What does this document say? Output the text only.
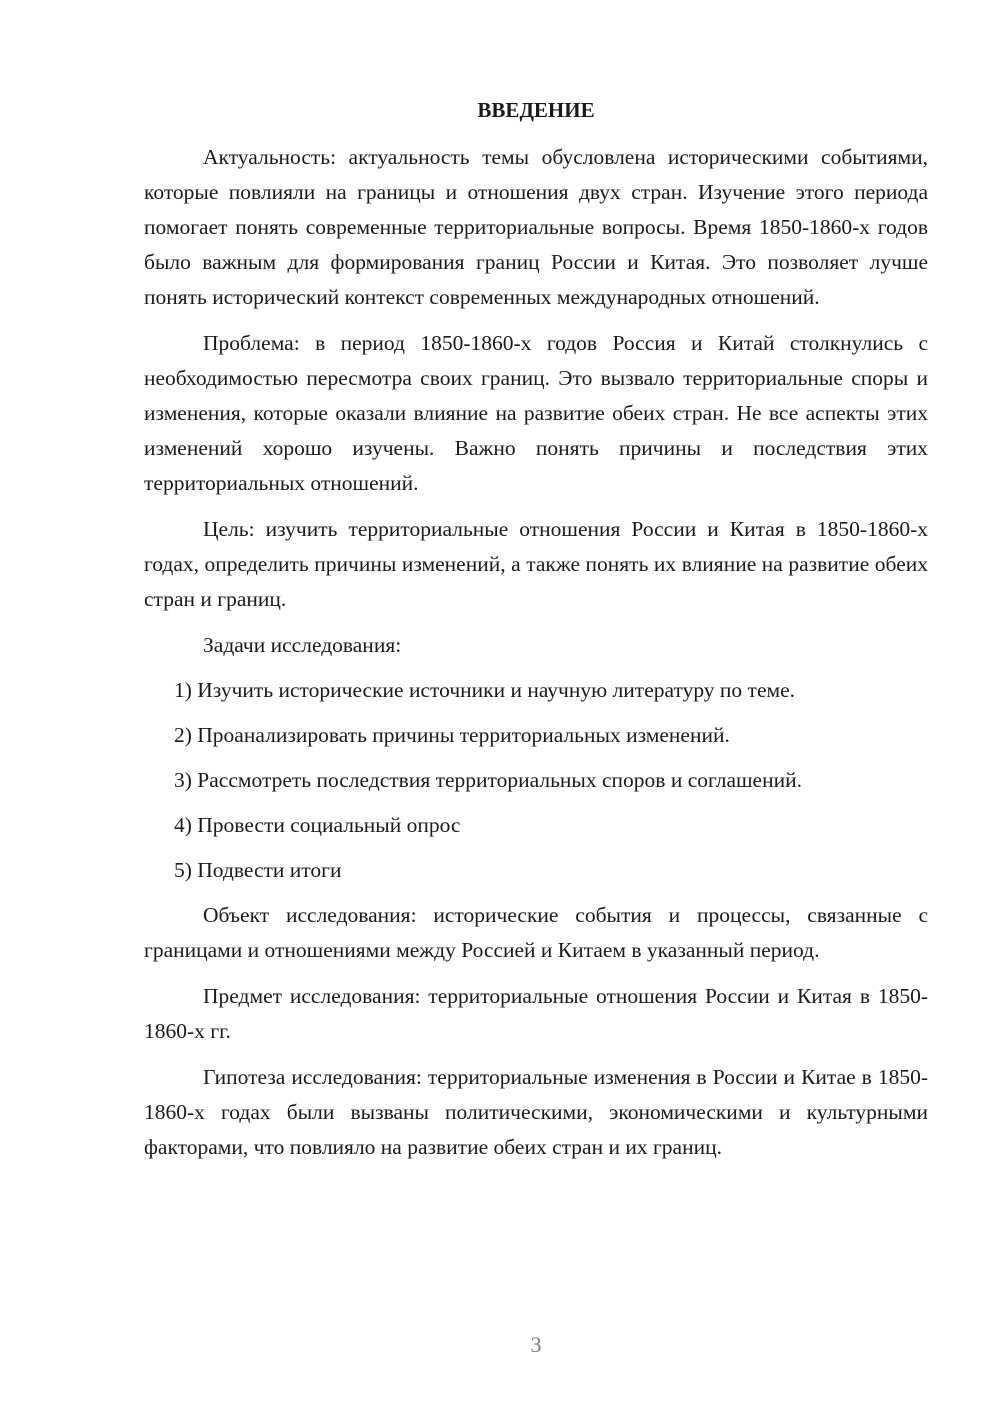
ВВЕДЕНИЕ

Актуальность: актуальность темы обусловлена историческими событиями, которые повлияли на границы и отношения двух стран. Изучение этого периода помогает понять современные территориальные вопросы. Время 1850-1860-х годов было важным для формирования границ России и Китая. Это позволяет лучше понять исторический контекст современных международных отношений.

Проблема: в период 1850-1860-х годов Россия и Китай столкнулись с необходимостью пересмотра своих границ. Это вызвало территориальные споры и изменения, которые оказали влияние на развитие обеих стран. Не все аспекты этих изменений хорошо изучены. Важно понять причины и последствия этих территориальных отношений.

Цель: изучить территориальные отношения России и Китая в 1850-1860-х годах, определить причины изменений, а также понять их влияние на развитие обеих стран и границ.

Задачи исследования:
1) Изучить исторические источники и научную литературу по теме.
2) Проанализировать причины территориальных изменений.
3) Рассмотреть последствия территориальных споров и соглашений.
4) Провести социальный опрос
5) Подвести итоги

Объект исследования: исторические события и процессы, связанные с границами и отношениями между Россией и Китаем в указанный период.

Предмет исследования: территориальные отношения России и Китая в 1850-1860-х гг.

Гипотеза исследования: территориальные изменения в России и Китае в 1850-1860-х годах были вызваны политическими, экономическими и культурными факторами, что повлияло на развитие обеих стран и их границ.

3
